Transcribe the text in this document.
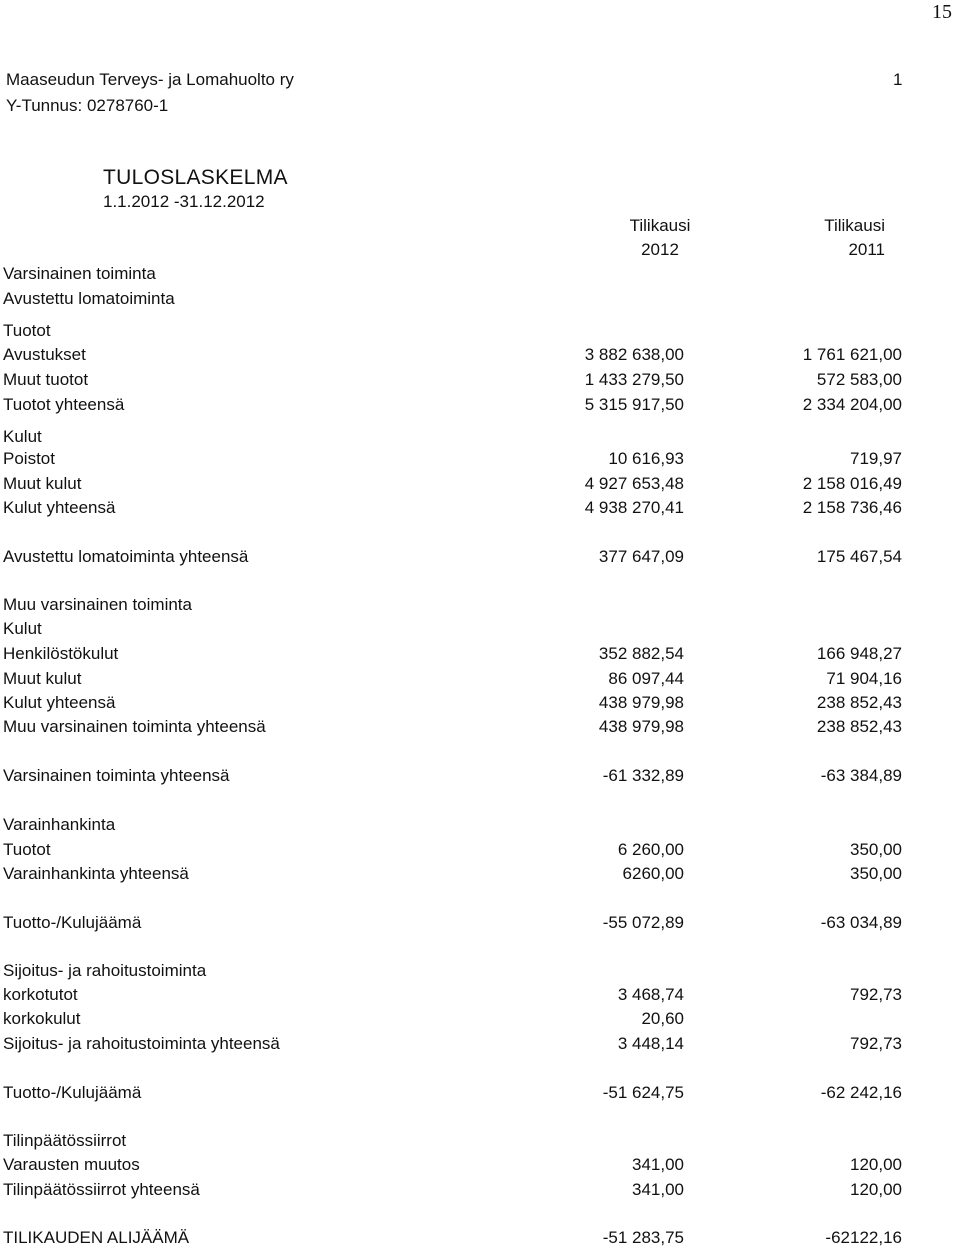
15
Maaseudun Terveys- ja Lomahuolto ry	1
Y-Tunnus: 0278760-1
TULOSLASKELMA
1.1.2012 -31.12.2012
Tilikausi
2012
Tilikausi
2011
Varsinainen toiminta
Avustettu lomatoiminta
Tuotot
Avustukset	3 882 638,00	1 761 621,00
Muut tuotot	1 433 279,50	572 583,00
Tuotot yhteensä	5 315 917,50	2 334 204,00
Kulut
Poistot	10 616,93	719,97
Muut kulut	4 927 653,48	2 158 016,49
Kulut yhteensä	4 938 270,41	2 158 736,46
Avustettu lomatoiminta yhteensä	377 647,09	175 467,54
Muu varsinainen toiminta
Kulut
Henkilöstökulut	352 882,54	166 948,27
Muut kulut	86 097,44	71 904,16
Kulut yhteensä	438 979,98	238 852,43
Muu varsinainen toiminta yhteensä	438 979,98	238 852,43
Varsinainen toiminta yhteensä	-61 332,89	-63 384,89
Varainhankinta
Tuotot	6 260,00	350,00
Varainhankinta yhteensä	6260,00	350,00
Tuotto-/Kulujäämä	-55 072,89	-63 034,89
Sijoitus- ja rahoitustoiminta
korkotutot	3 468,74	792,73
korkokulut	20,60
Sijoitus- ja rahoitustoiminta yhteensä	3 448,14	792,73
Tuotto-/Kulujäämä	-51 624,75	-62 242,16
Tilinpäätössiirrot
Varausten muutos	341,00	120,00
Tilinpäätössiirrot yhteensä	341,00	120,00
TILIKAUDEN ALIJÄÄMÄ	-51 283,75	-62122,16
